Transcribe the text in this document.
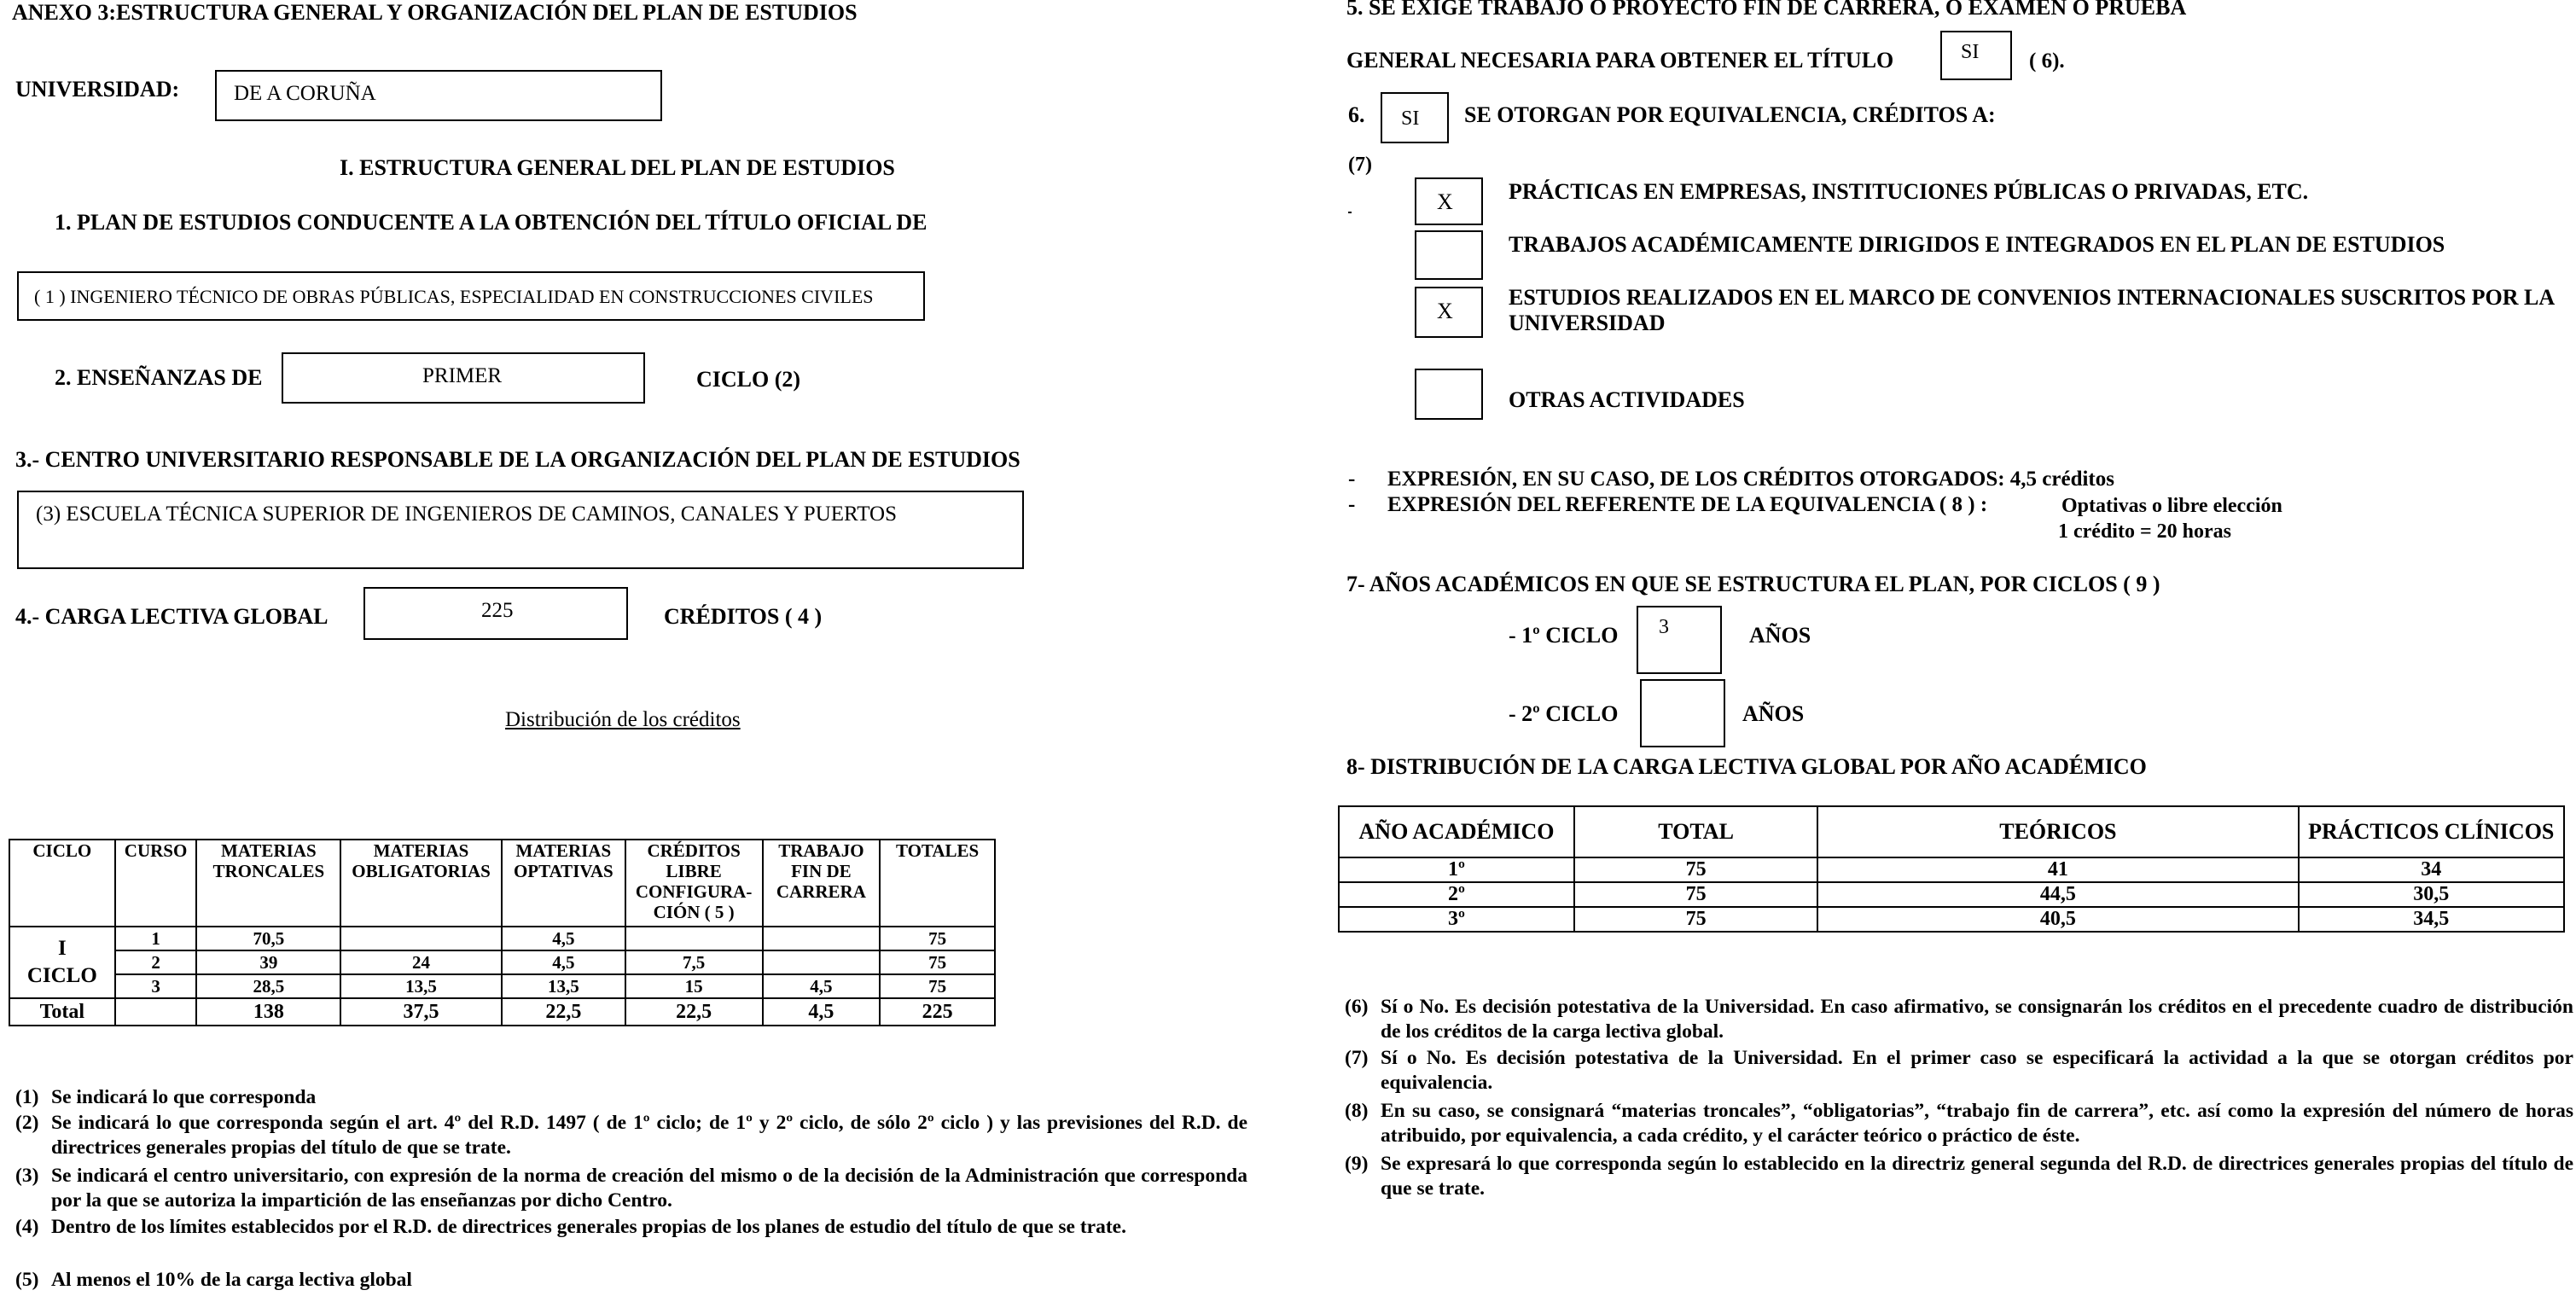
ANEXO 3:ESTRUCTURA GENERAL Y ORGANIZACIÓN DEL PLAN DE ESTUDIOS
UNIVERSIDAD:	DE A CORUÑA
I. ESTRUCTURA GENERAL DEL PLAN DE ESTUDIOS
1. PLAN DE ESTUDIOS CONDUCENTE A LA OBTENCIÓN DEL TÍTULO OFICIAL DE
( 1 ) INGENIERO TÉCNICO DE OBRAS PÚBLICAS, ESPECIALIDAD EN CONSTRUCCIONES CIVILES
2. ENSEÑANZAS DE	PRIMER	CICLO (2)
3.- CENTRO UNIVERSITARIO RESPONSABLE DE LA ORGANIZACIÓN DEL PLAN DE ESTUDIOS
(3) ESCUELA TÉCNICA SUPERIOR DE INGENIEROS DE CAMINOS, CANALES Y PUERTOS
4.- CARGA LECTIVA GLOBAL	225	CRÉDITOS ( 4 )
Distribución de los créditos
CICLO	CURSO	MATERIAS TRONCALES	MATERIAS OBLIGATORIAS	MATERIAS OPTATIVAS	CRÉDITOS LIBRE CONFIGURA-CIÓN ( 5 )	TRABAJO FIN DE CARRERA	TOTALES

I
CICLO	1	70,5		4,5			75
	2	39	24	4,5	7,5		75
	3	28,5	13,5	13,5	15	4,5	75
Total		138	37,5	22,5	22,5	4,5	225
(1) Se indicará lo que corresponda
(2) Se indicará lo que corresponda según el art. 4º del R.D. 1497 ( de 1º ciclo; de 1º y 2º ciclo, de sólo 2º ciclo ) y las previsiones del R.D. de directrices generales propias del título de que se trate.
(3) Se indicará el centro universitario, con expresión de la norma de creación del mismo o de la decisión de la Administración que corresponda por la que se autoriza la impartición de las enseñanzas por dicho Centro.
(4) Dentro de los límites establecidos por el R.D. de directrices generales propias de los planes de estudio del título de que se trate.
(5) Al menos el 10% de la carga lectiva global
5. SE EXIGE TRABAJO O PROYECTO FIN DE CARRERA, O EXAMEN O PRUEBA
GENERAL NECESARIA PARA OBTENER EL TÍTULO	SI ( 6).
6. SI SE OTORGAN POR EQUIVALENCIA, CRÉDITOS A:
(7)
X	PRÁCTICAS EN EMPRESAS, INSTITUCIONES PÚBLICAS O PRIVADAS, ETC.
TRABAJOS ACADÉMICAMENTE DIRIGIDOS E INTEGRADOS EN EL PLAN DE ESTUDIOS
X
ESTUDIOS REALIZADOS EN EL MARCO DE CONVENIOS INTERNACIONALES SUSCRITOS POR LA UNIVERSIDAD
OTRAS ACTIVIDADES
- EXPRESIÓN, EN SU CASO, DE LOS CRÉDITOS OTORGADOS: 4,5 créditos
- EXPRESIÓN DEL REFERENTE DE LA EQUIVALENCIA ( 8 ) :	Optativas o libre elección
1 crédito = 20 horas
7- AÑOS ACADÉMICOS EN QUE SE ESTRUCTURA EL PLAN, POR CICLOS ( 9 )
- 1º CICLO 3	AÑOS
- 2º CICLO	AÑOS
8- DISTRIBUCIÓN DE LA CARGA LECTIVA GLOBAL POR AÑO ACADÉMICO
AÑO ACADÉMICO	TOTAL	TEÓRICOS	PRÁCTICOS CLÍNICOS
1º	75	41	34
2º	75	44,5	30,5
3º	75	40,5	34,5
(6) Sí o No. Es decisión potestativa de la Universidad. En caso afirmativo, se consignarán los créditos en el precedente cuadro de distribución de los créditos de la carga lectiva global.
(7) Sí o No. Es decisión potestativa de la Universidad. En el primer caso se especificará la actividad a la que se otorgan créditos por equivalencia.
(8) En su caso, se consignará “materias troncales”, “obligatorias”, “trabajo fin de carrera”, etc. así como la expresión del número de horas atribuido, por equivalencia, a cada crédito, y el carácter teórico o práctico de éste.
(9) Se expresará lo que corresponda según lo establecido en la directriz general segunda del R.D. de directrices generales propias del título de que se trate.
